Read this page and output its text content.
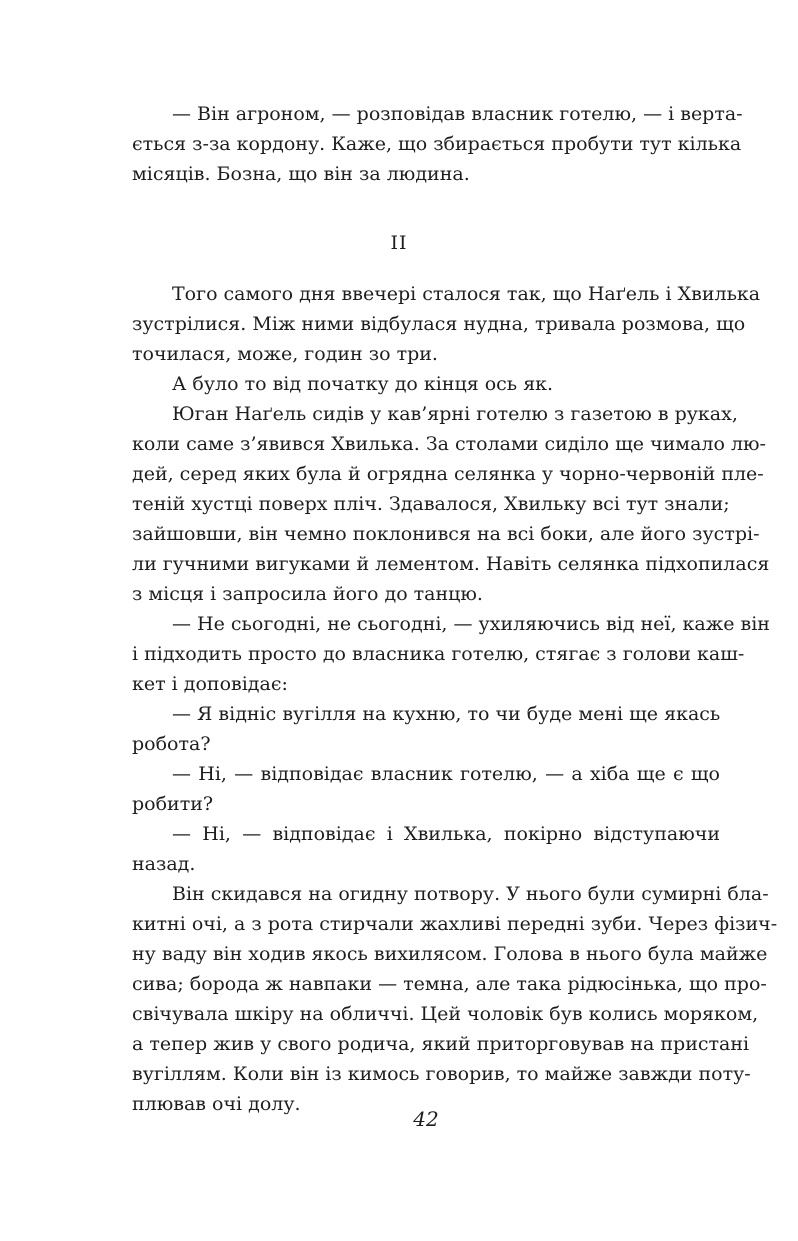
— Він агроном, — розповідав власник готелю, — і верта-
ється з-за кордону. Каже, що збирається пробути тут кілька
місяців. Бозна, що він за людина.
II
Того самого дня ввечері сталося так, що Наґель і Хвилька
зустрілися. Між ними відбулася нудна, тривала розмова, що
точилася, може, годин зо три.
А було то від початку до кінця ось як.
Юган Наґель сидів у кав’ярні готелю з газетою в руках,
коли саме з’явився Хвилька. За столами сиділо ще чимало лю-
дей, серед яких була й огрядна селянка у чорно-червоній пле-
теній хустці поверх пліч. Здавалося, Хвильку всі тут знали;
зайшовши, він чемно поклонився на всі боки, але його зустрі-
ли гучними вигуками й лементом. Навіть селянка підхопилася
з місця і запросила його до танцю.
— Не сьогодні, не сьогодні, — ухиляючись від неї, каже він
і підходить просто до власника готелю, стягає з голови каш-
кет і доповідає:
— Я відніс вугілля на кухню, то чи буде мені ще якась
робота?
— Ні, — відповідає власник готелю, — а хіба ще є що
робити?
— Ні, — відповідає і Хвилька, покірно відступаючи
назад.
Він скидався на огидну потвору. У нього були сумирні бла-
китні очі, а з рота стирчали жахливі передні зуби. Через фізич-
ну ваду він ходив якось вихилясом. Голова в нього була майже
сива; борода ж навпаки — темна, але така рідюсінька, що про-
свічувала шкіру на обличчі. Цей чоловік був колись моряком,
а тепер жив у свого родича, який приторговував на пристані
вугіллям. Коли він із кимось говорив, то майже завжди поту-
плював очі долу.
42
